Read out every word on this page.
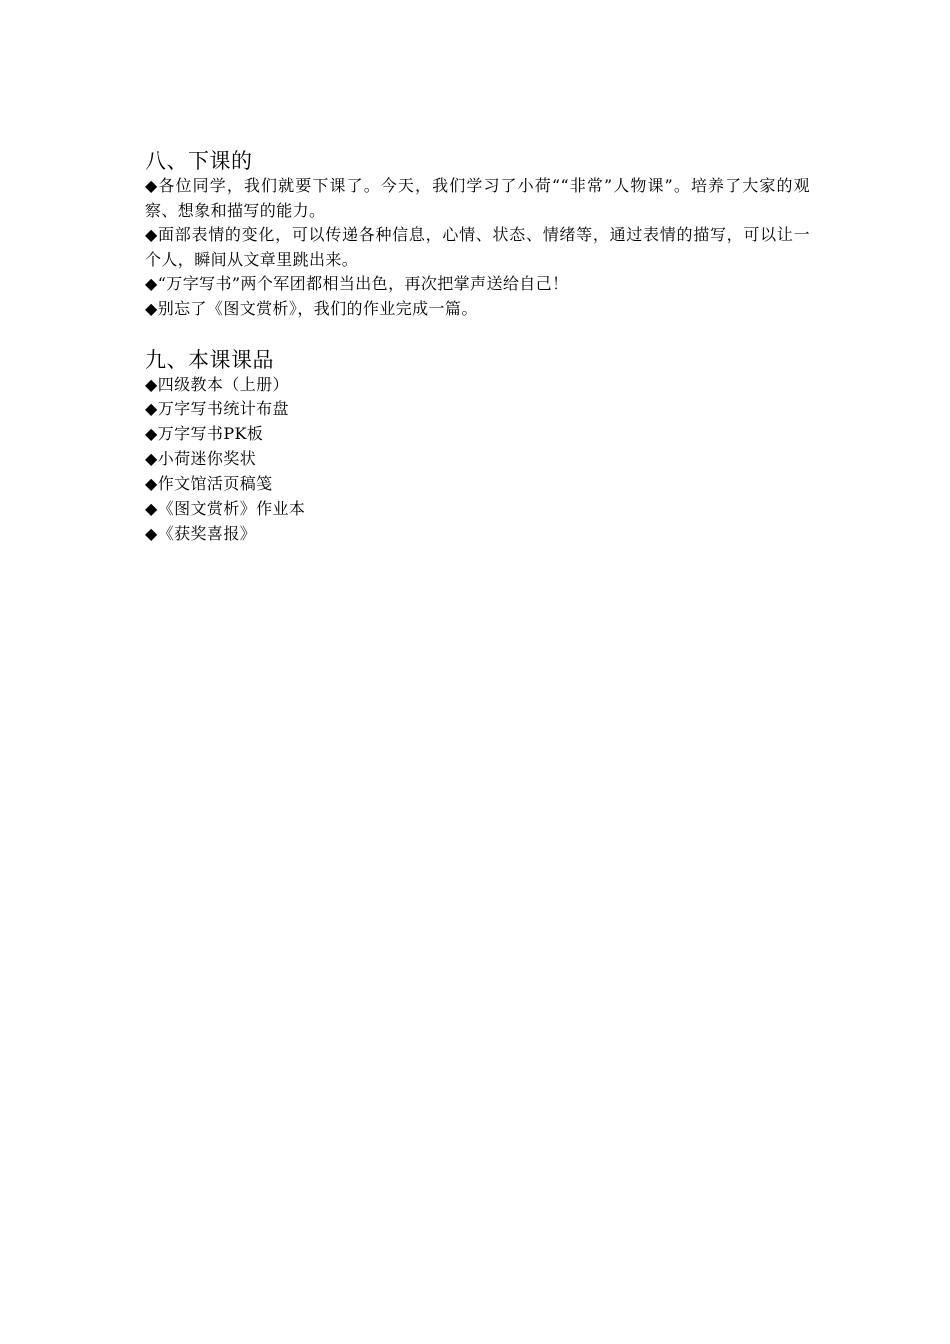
八、下课的

◆各位同学，我们就要下课了。今天，我们学习了小荷““非常”人物课”。培养了大家的观察、想象和描写的能力。

◆面部表情的变化，可以传递各种信息，心情、状态、情绪等，通过表情的描写，可以让一个人，瞬间从文章里跳出来。

◆“万字写书”两个军团都相当出色，再次把掌声送给自己！

◆别忘了《图文赏析》，我们的作业完成一篇。

九、本课课品
◆四级教本（上册）
◆万字写书统计布盘
◆万字写书PK板
◆小荷迷你奖状
◆作文馆活页稿笺
◆《图文赏析》作业本
◆《获奖喜报》
